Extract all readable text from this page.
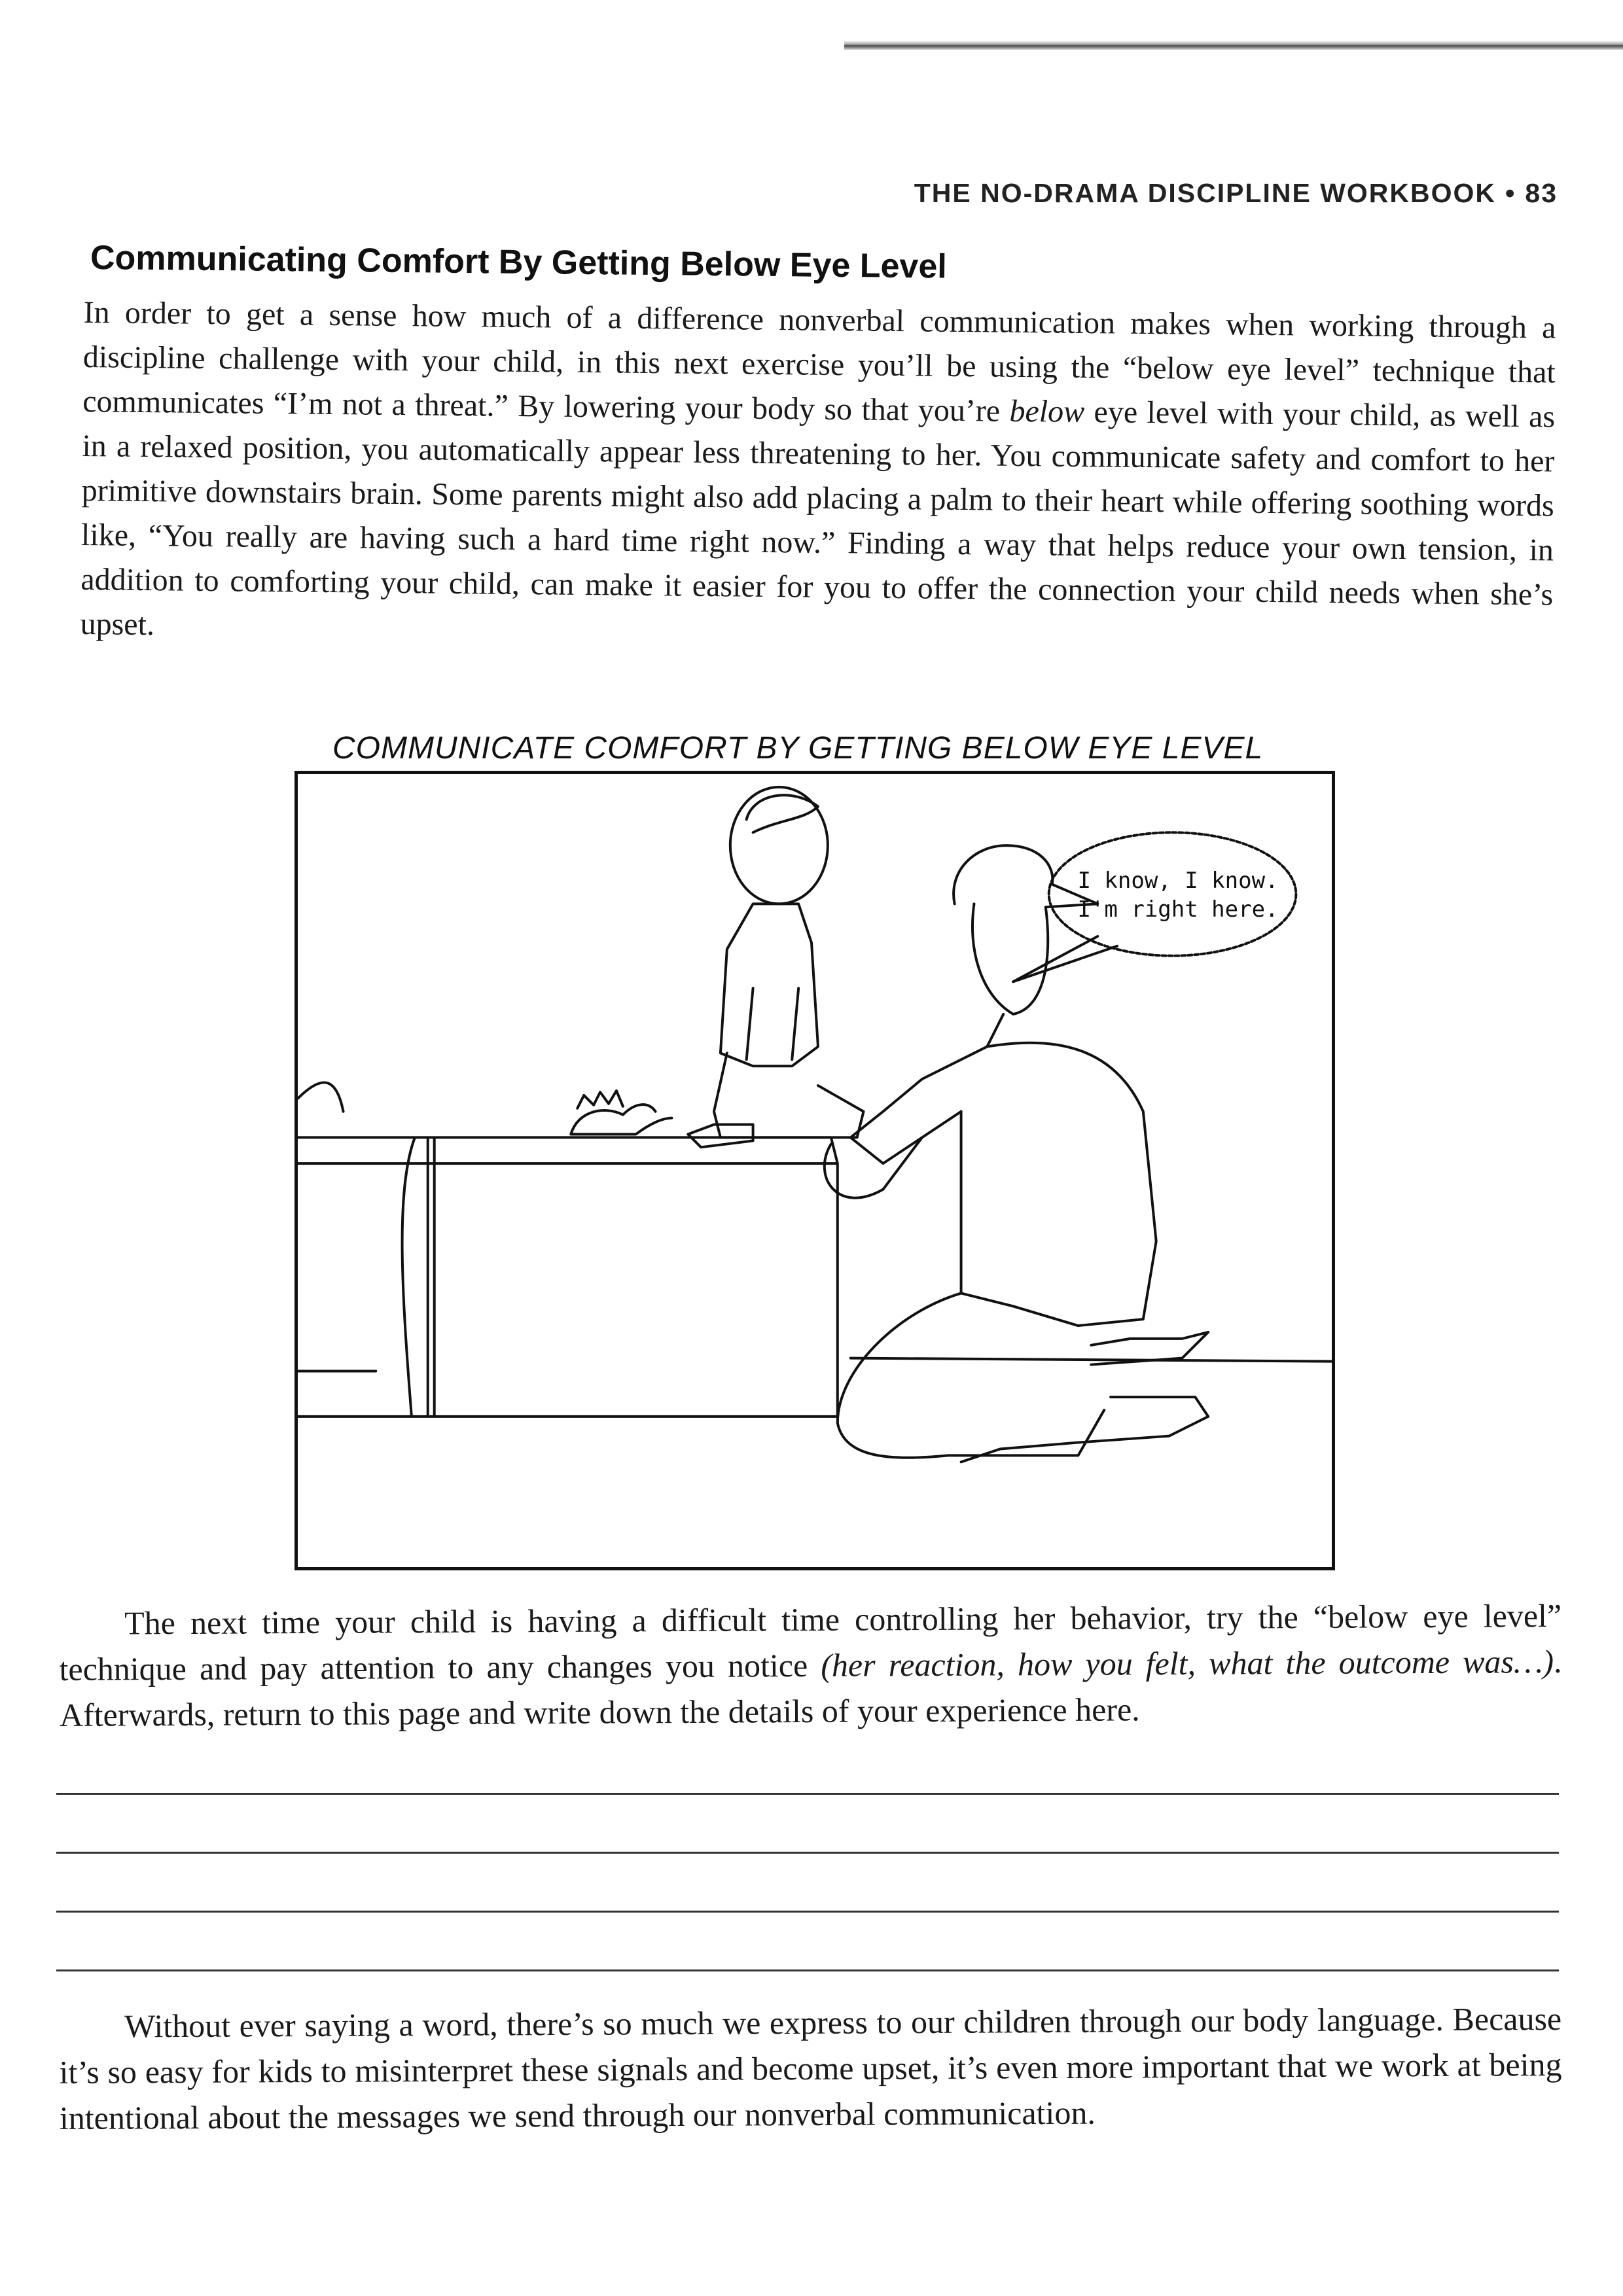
THE NO-DRAMA DISCIPLINE WORKBOOK • 83
Communicating Comfort By Getting Below Eye Level
In order to get a sense how much of a difference nonverbal communication makes when working through a discipline challenge with your child, in this next exercise you’ll be using the “below eye level” technique that communicates “I’m not a threat.” By lowering your body so that you’re below eye level with your child, as well as in a relaxed position, you automatically appear less threatening to her. You communicate safety and comfort to her primitive downstairs brain. Some parents might also add placing a palm to their heart while offering soothing words like, “You really are having such a hard time right now.” Finding a way that helps reduce your own tension, in addition to comforting your child, can make it easier for you to offer the connection your child needs when she’s upset.
COMMUNICATE COMFORT BY GETTING BELOW EYE LEVEL
I know, I know.
I'm right here.
The next time your child is having a difficult time controlling her behavior, try the “below eye level” technique and pay attention to any changes you notice (her reaction, how you felt, what the outcome was…). Afterwards, return to this page and write down the details of your experience here.
Without ever saying a word, there’s so much we express to our children through our body language. Because it’s so easy for kids to misinterpret these signals and become upset, it’s even more important that we work at being intentional about the messages we send through our nonverbal communication.
